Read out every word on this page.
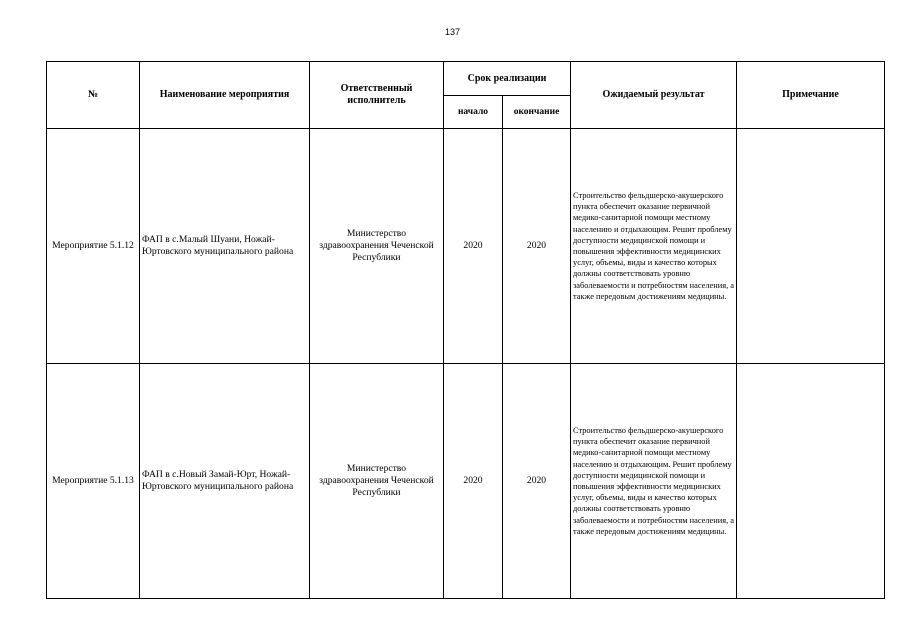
137
№	Наименование мероприятия	Ответственный исполнитель	Срок реализации		Ожидаемый результат	Примечание
			начало	окончание		
Мероприятие 5.1.12	ФАП в с.Малый Шуани, Ножай-Юртовского муниципального района	Министерство здравоохранения Чеченской Республики	2020	2020	Строительство фельдшерско-акушерского пункта обеспечит оказание первичной медико-санитарной помощи местному населению и отдыхающим. Решит проблему доступности медицинской помощи и повышения эффективности медицинских услуг, объемы, виды и качество которых должны соответствовать уровню заболеваемости и потребностям населения, а также передовым достижениям медицины.	
Мероприятие 5.1.13	ФАП в с.Новый Замай-Юрт, Ножай-Юртовского муниципального района	Министерство здравоохранения Чеченской Республики	2020	2020	Строительство фельдшерско-акушерского пункта обеспечит оказание первичной медико-санитарной помощи местному населению и отдыхающим. Решит проблему доступности медицинской помощи и повышения эффективности медицинских услуг, объемы, виды и качество которых должны соответствовать уровню заболеваемости и потребностям населения, а также передовым достижениям медицины.	
